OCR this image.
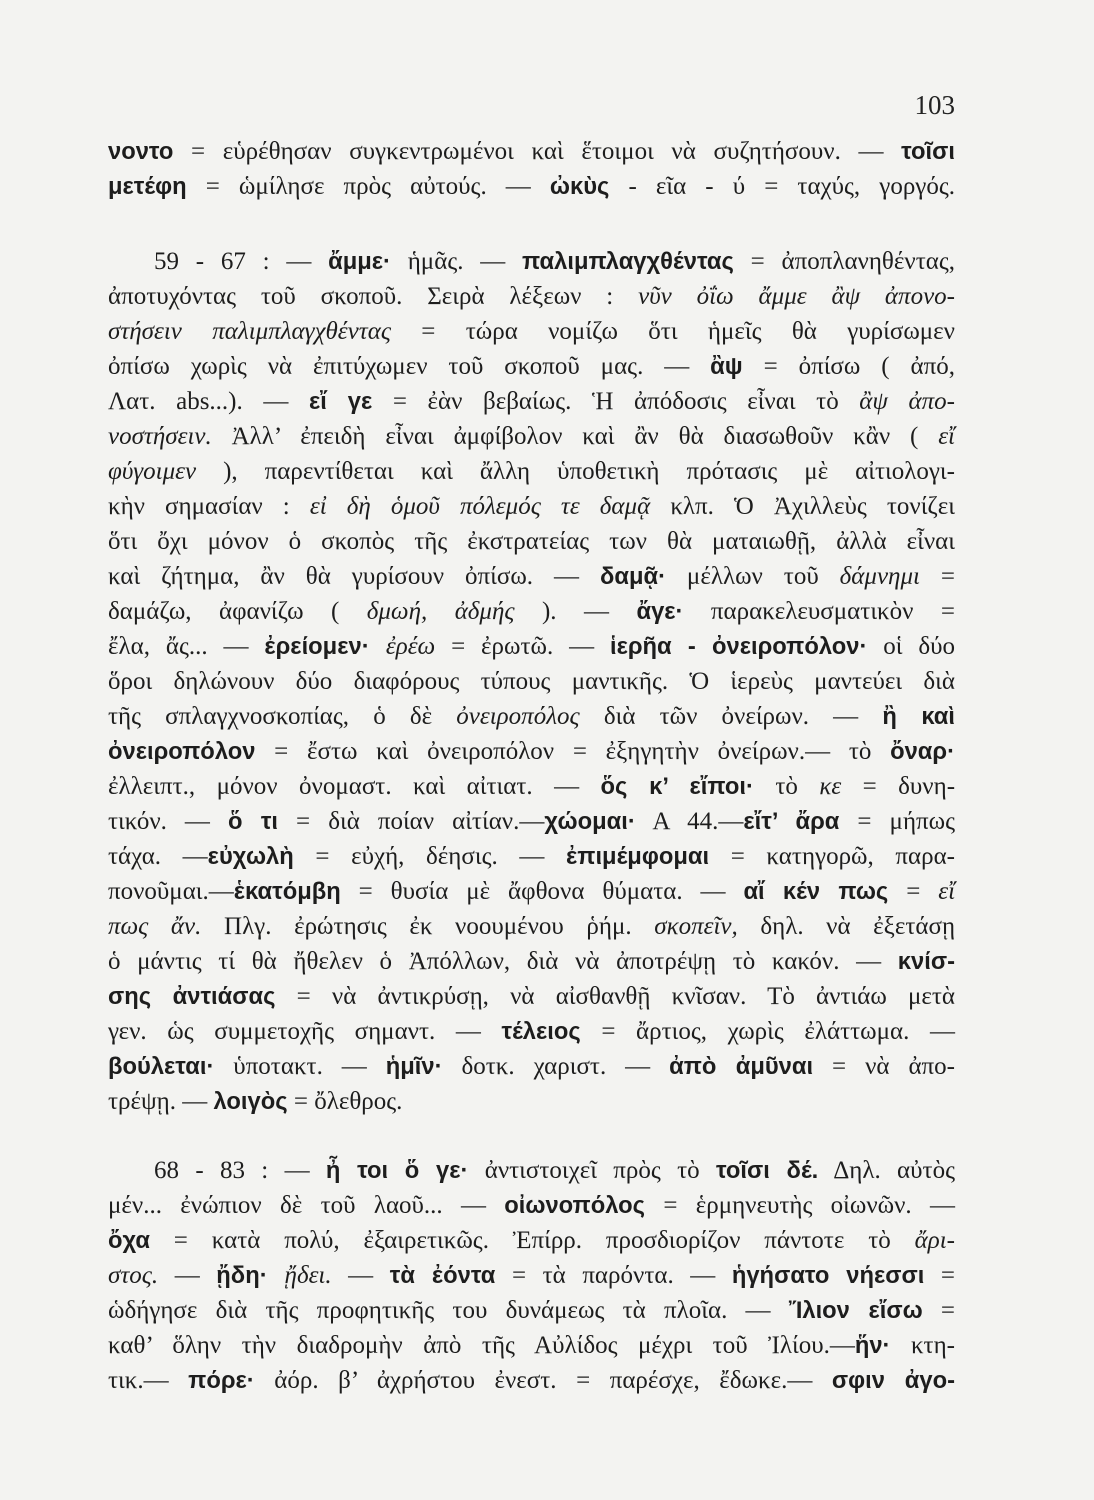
103
νοντο = εὑρέθησαν συγκεντρωμένοι καὶ ἕτοιμοι νὰ συζητήσουν. — τοῖσι
μετέφη = ὡμίλησε πρὸς αὐτούς. — ὠκὺς - εῖα - ύ = ταχύς, γοργός.
59 - 67 : — ἄμμε· ἡμᾶς. — παλιμπλαγχθέντας = ἀποπλανηθέντας,
ἀποτυχόντας τοῦ σκοποῦ. Σειρὰ λέξεων : νῦν ὀΐω ἄμμε ἂψ ἀπονο-
στήσειν παλιμπλαγχθέντας = τώρα νομίζω ὅτι ἡμεῖς θὰ γυρίσωμεν
ὀπίσω χωρὶς νὰ ἐπιτύχωμεν τοῦ σκοποῦ μας. — ἂψ = ὀπίσω ( ἀπό,
Λατ. abs...). — εἴ γε = ἐὰν βεβαίως. Ἡ ἀπόδοσις εἶναι τὸ ἂψ ἀπο-
νοστήσειν. Ἀλλ’ ἐπειδὴ εἶναι ἀμφίβολον καὶ ἂν θὰ διασωθοῦν κἂν ( εἴ
φύγοιμεν ), παρεντίθεται καὶ ἄλλη ὑποθετικὴ πρότασις μὲ αἰτιολογι-
κὴν σημασίαν : εἰ δὴ ὁμοῦ πόλεμός τε δαμᾷ κλπ. Ὁ Ἀχιλλεὺς τονίζει
ὅτι ὄχι μόνον ὁ σκοπὸς τῆς ἐκστρατείας των θὰ ματαιωθῇ, ἀλλὰ εἶναι
καὶ ζήτημα, ἂν θὰ γυρίσουν ὀπίσω. — δαμᾷ· μέλλων τοῦ δάμνημι =
δαμάζω, ἀφανίζω ( δμωή, ἀδμής ). — ἄγε· παρακελευσματικὸν =
ἔλα, ἄς... — ἐρείομεν· ἐρέω = ἐρωτῶ. — ἱερῆα - ὀνειροπόλον· οἱ δύο
ὅροι δηλώνουν δύο διαφόρους τύπους μαντικῆς. Ὁ ἱερεὺς μαντεύει διὰ
τῆς σπλαγχνοσκοπίας, ὁ δὲ ὀνειροπόλος διὰ τῶν ὀνείρων. — ἢ καὶ
ὀνειροπόλον = ἔστω καὶ ὀνειροπόλον = ἐξηγητὴν ὀνείρων.— τὸ ὄναρ·
ἐλλειπτ., μόνον ὀνομαστ. καὶ αἰτιατ. — ὅς κ’ εἴποι· τὸ κε = δυνη-
τικόν. — ὅ τι = διὰ ποίαν αἰτίαν.—χώομαι· Α 44.—εἴτ’ ἄρα = μήπως
τάχα. —εὐχωλὴ = εὐχή, δέησις. — ἐπιμέμφομαι = κατηγορῶ, παρα-
πονοῦμαι.—ἑκατόμβη = θυσία μὲ ἄφθονα θύματα. — αἴ κέν πως = εἴ
πως ἄν. Πλγ. ἐρώτησις ἐκ νοουμένου ῥήμ. σκοπεῖν, δηλ. νὰ ἐξετάσῃ
ὁ μάντις τί θὰ ἤθελεν ὁ Ἀπόλλων, διὰ νὰ ἀποτρέψῃ τὸ κακόν. — κνίσ-
σης ἀντιάσας = νὰ ἀντικρύσῃ, νὰ αἰσθανθῇ κνῖσαν. Τὸ ἀντιάω μετὰ
γεν. ὡς συμμετοχῆς σημαντ. — τέλειος = ἄρτιος, χωρὶς ἐλάττωμα. —
βούλεται· ὑποτακτ. — ἡμῖν· δοτκ. χαριστ. — ἀπὸ ἀμῦναι = νὰ ἀπο-
τρέψῃ. — λοιγὸς = ὄλεθρος.
68 - 83 : — ἦ τοι ὅ γε· ἀντιστοιχεῖ πρὸς τὸ τοῖσι δέ. Δηλ. αὐτὸς
μέν... ἐνώπιον δὲ τοῦ λαοῦ... — οἰωνοπόλος = ἑρμηνευτὴς οἰωνῶν. —
ὄχα = κατὰ πολύ, ἐξαιρετικῶς. Ἐπίρρ. προσδιορίζον πάντοτε τὸ ἄρι-
στος. — ᾔδη· ᾔδει. — τὰ ἐόντα = τὰ παρόντα. — ἡγήσατο νήεσσι =
ὡδήγησε διὰ τῆς προφητικῆς του δυνάμεως τὰ πλοῖα. — Ἴλιον εἴσω =
καθ’ ὅλην τὴν διαδρομὴν ἀπὸ τῆς Αὐλίδος μέχρι τοῦ Ἰλίου.—ἥν· κτη-
τικ.— πόρε· ἀόρ. β’ ἀχρήστου ἐνεστ. = παρέσχε, ἔδωκε.— σφιν ἀγο-
